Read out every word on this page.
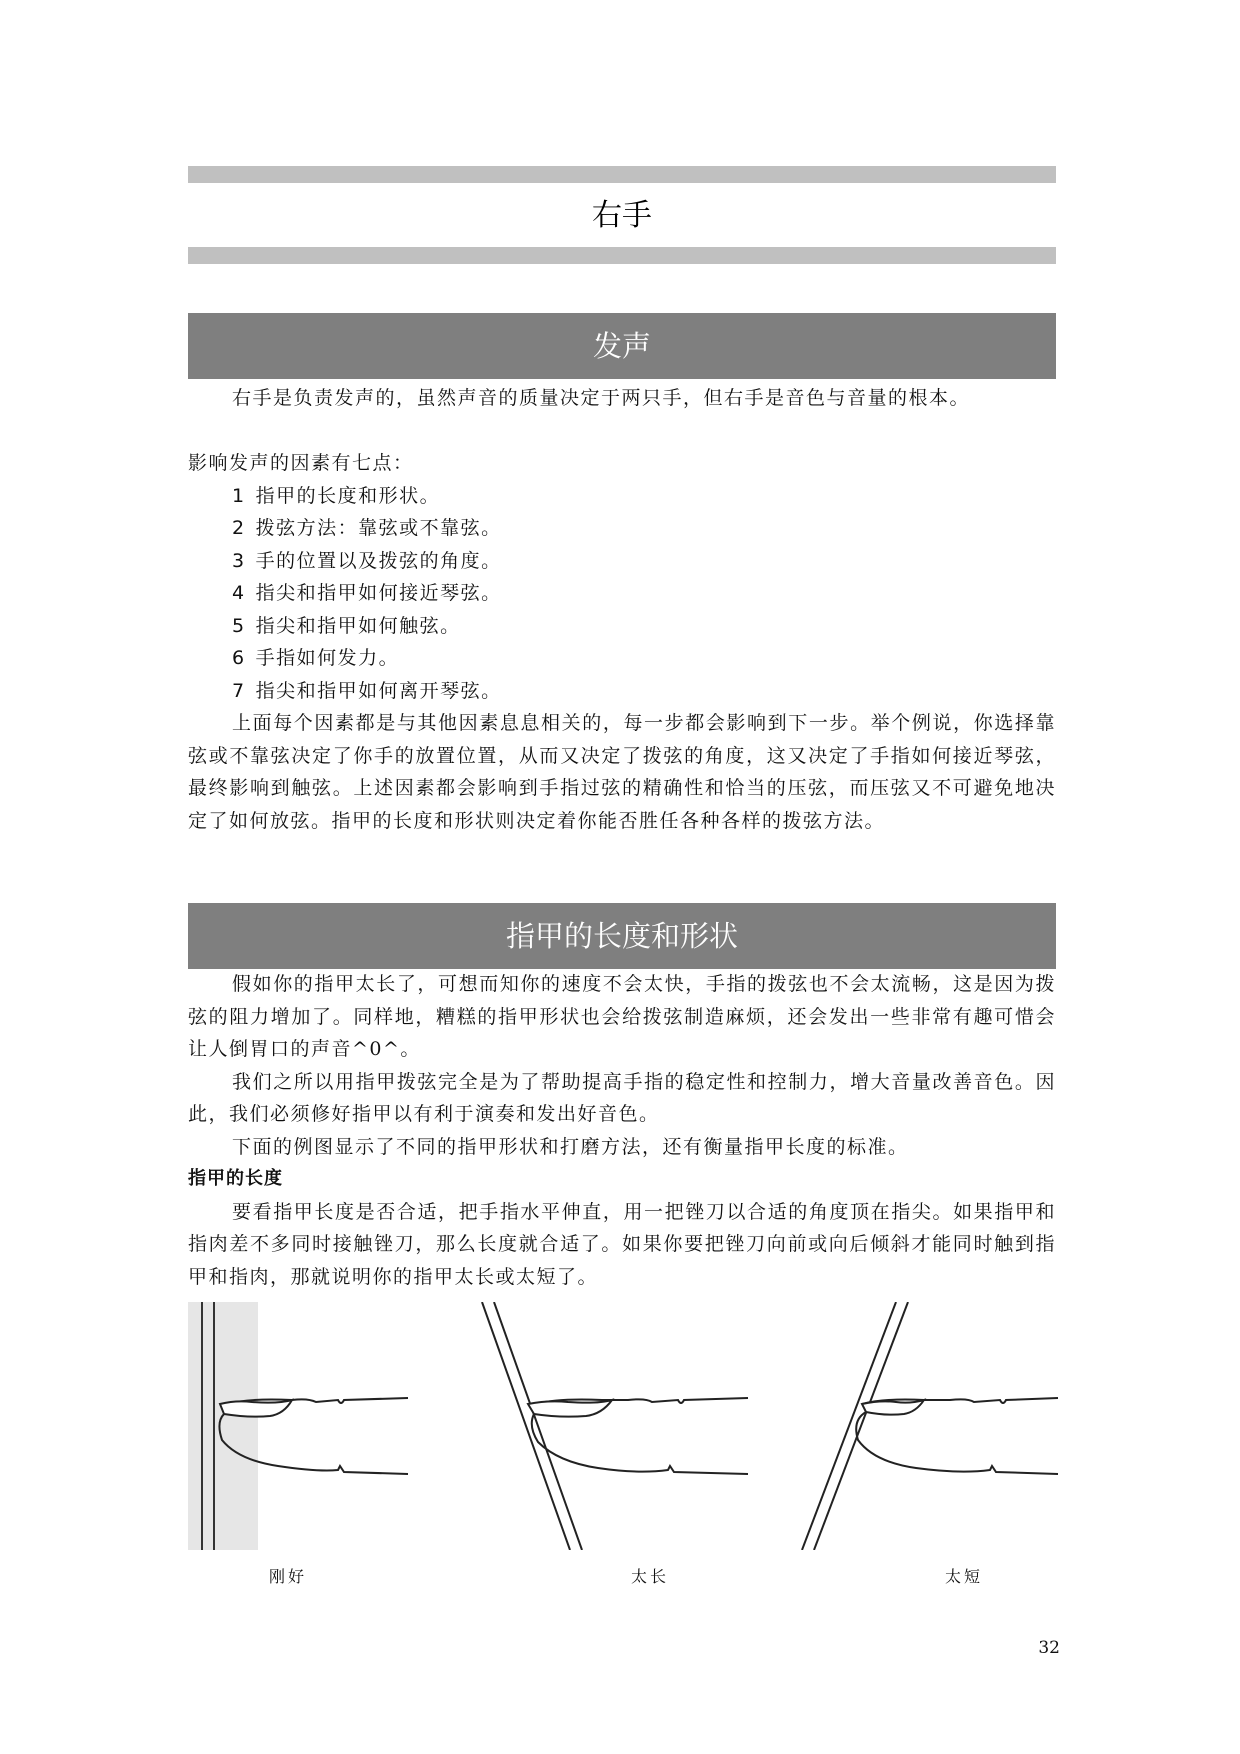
右手
发声

右手是负责发声的，虽然声音的质量决定于两只手，但右手是音色与音量的根本。

影响发声的因素有七点：

1 指甲的长度和形状。
2 拨弦方法：靠弦或不靠弦。
3 手的位置以及拨弦的角度。
4 指尖和指甲如何接近琴弦。
5 指尖和指甲如何触弦。
6 手指如何发力。
7 指尖和指甲如何离开琴弦。

上面每个因素都是与其他因素息息相关的，每一步都会影响到下一步。举个例说，你选择靠弦或不靠弦决定了你手的放置位置，从而又决定了拨弦的角度，这又决定了手指如何接近琴弦，最终影响到触弦。上述因素都会影响到手指过弦的精确性和恰当的压弦，而压弦又不可避免地决定了如何放弦。指甲的长度和形状则决定着你能否胜任各种各样的拨弦方法。

指甲的长度和形状

假如你的指甲太长了，可想而知你的速度不会太快，手指的拨弦也不会太流畅，这是因为拨弦的阻力增加了。同样地，糟糕的指甲形状也会给拨弦制造麻烦，还会发出一些非常有趣可惜会让人倒胃口的声音^0^。

我们之所以用指甲拨弦完全是为了帮助提高手指的稳定性和控制力，增大音量改善音色。因此，我们必须修好指甲以有利于演奏和发出好音色。

下面的例图显示了不同的指甲形状和打磨方法，还有衡量指甲长度的标准。

指甲的长度

要看指甲长度是否合适，把手指水平伸直，用一把锉刀以合适的角度顶在指尖。如果指甲和指肉差不多同时接触锉刀，那么长度就合适了。如果你要把锉刀向前或向后倾斜才能同时触到指甲和指肉，那就说明你的指甲太长或太短了。

刚好	太长	太短
32
